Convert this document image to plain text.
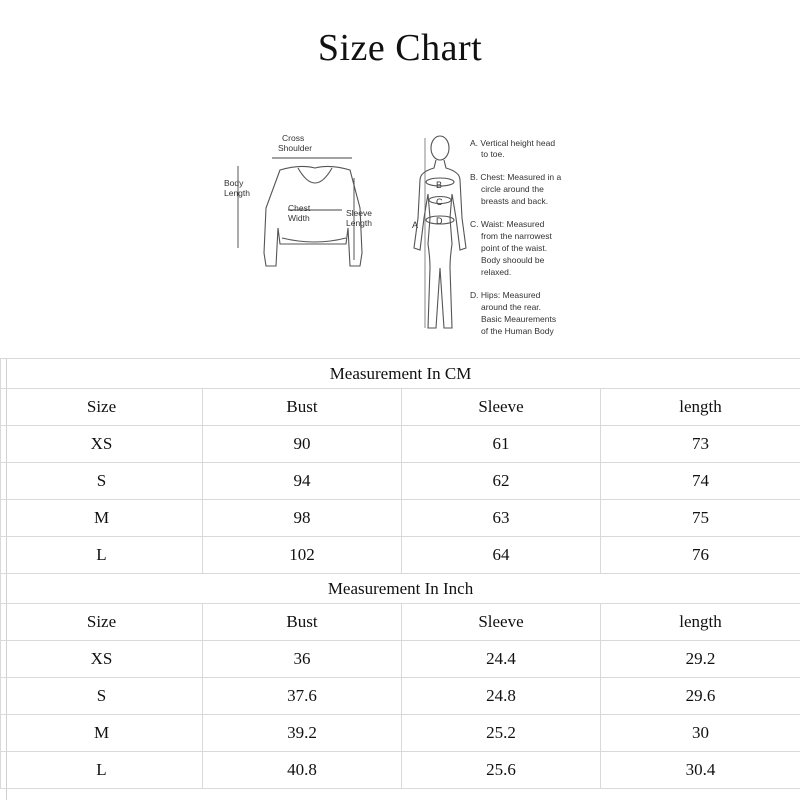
Size Chart
Cross
Shoulder
Body
Length
Chest
Width	Sleeve
Length
B
C
D
A
A. Vertical height head
to toe.
B. Chest: Measured in a
circle around the
breasts and back.
C. Waist: Measured
from the narrowest
point of the waist.
Body shoould be
relaxed.
D. Hips: Measured
around the rear.
Basic Meaurements
of the Human Body
Measurement In CM			
Size	Bust	Sleeve	length
XS	90	61	73
S	94	62	74
M	98	63	75
L	102	64	76
Measurement In Inch			
Size	Bust	Sleeve	length
XS	36	24.4	29.2
S	37.6	24.8	29.6
M	39.2	25.2	30
L	40.8	25.6	30.4
